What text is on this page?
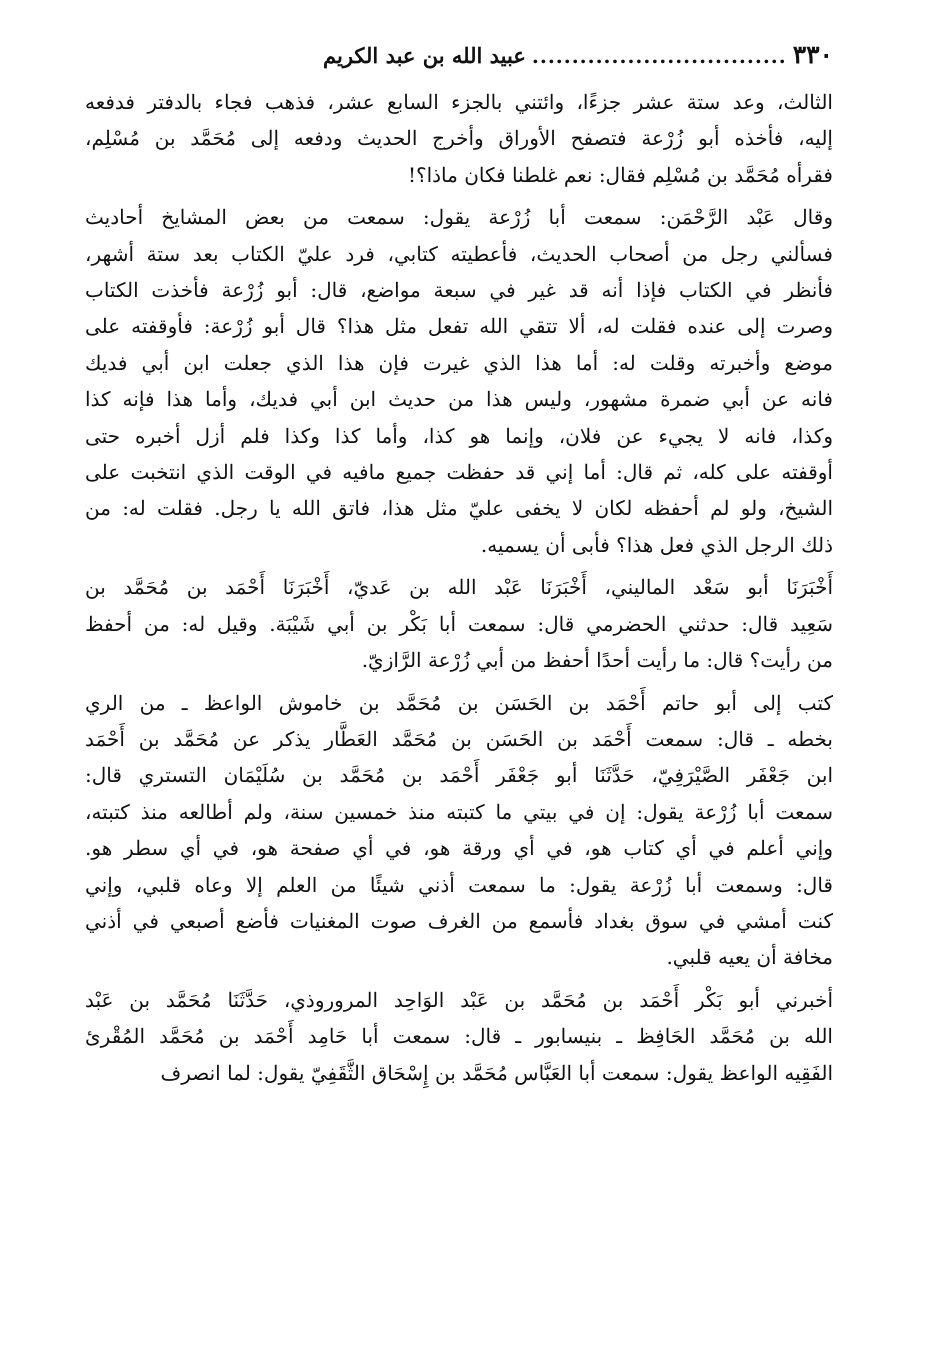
٣٣٠
................................
عبيد الله بن عبد الكريم

الثالث، وعد ستة عشر جزءًا، وائتني بالجزء السابع عشر، فذهب فجاء بالدفتر فدفعه
إليه، فأخذه أبو زُرْعة فتصفح الأوراق وأخرج الحديث ودفعه إلى مُحَمَّد بن مُسْلِم،
فقرأه مُحَمَّد بن مُسْلِم فقال: نعم غلطنا فكان ماذا؟!

وقال عَبْد الرَّحْمَن: سمعت أبا زُرْعة يقول: سمعت من بعض المشايخ أحاديث
فسألني رجل من أصحاب الحديث، فأعطيته كتابي، فرد عليّ الكتاب بعد ستة أشهر،
فأنظر في الكتاب فإذا أنه قد غير في سبعة مواضع، قال: أبو زُرْعة فأخذت الكتاب
وصرت إلى عنده فقلت له، ألا تتقي الله تفعل مثل هذا؟ قال أبو زُرْعة: فأوقفته على
موضع وأخبرته وقلت له: أما هذا الذي غيرت فإن هذا الذي جعلت ابن أبي فديك
فانه عن أبي ضمرة مشهور، وليس هذا من حديث ابن أبي فديك، وأما هذا فإنه كذا
وكذا، فانه لا يجيء عن فلان، وإنما هو كذا، وأما كذا وكذا فلم أزل أخبره حتى
أوقفته على كله، ثم قال: أما إني قد حفظت جميع مافيه في الوقت الذي انتخبت على
الشيخ، ولو لم أحفظه لكان لا يخفى عليّ مثل هذا، فاتق الله يا رجل. فقلت له: من
ذلك الرجل الذي فعل هذا؟ فأبى أن يسميه.

أَخْبَرَنَا أبو سَعْد الماليني، أَخْبَرَنَا عَبْد الله بن عَديّ، أَخْبَرَنَا أَحْمَد بن مُحَمَّد بن
سَعِيد قال: حدثني الحضرمي قال: سمعت أبا بَكْر بن أبي شَيْبَة. وقيل له: من أحفظ
من رأيت؟ قال: ما رأيت أحدًا أحفظ من أبي زُرْعة الرَّازيّ.

كتب إلى أبو حاتم أَحْمَد بن الحَسَن بن مُحَمَّد بن خاموش الواعظ ـ من الري
بخطه ـ قال: سمعت أَحْمَد بن الحَسَن بن مُحَمَّد العَطَّار يذكر عن مُحَمَّد بن أَحْمَد
ابن جَعْفَر الصَّيْرَفِيّ، حَدَّثَنَا أبو جَعْفَر أَحْمَد بن مُحَمَّد بن سُلَيْمَان التستري قال:
سمعت أبا زُرْعة يقول: إن في بيتي ما كتبته منذ خمسين سنة، ولم أطالعه منذ كتبته،
وإني أعلم في أي كتاب هو، في أي ورقة هو، في أي صفحة هو، في أي سطر هو.
قال: وسمعت أبا زُرْعة يقول: ما سمعت أذني شيئًا من العلم إلا وعاه قلبي، وإني
كنت أمشي في سوق بغداد فأسمع من الغرف صوت المغنيات فأضع أصبعي في أذني
مخافة أن يعيه قلبي.

أخبرني أبو بَكْر أَحْمَد بن مُحَمَّد بن عَبْد الوَاحِد المروروذي، حَدَّثَنَا مُحَمَّد بن عَبْد
الله بن مُحَمَّد الحَافِظ ـ بنيسابور ـ قال: سمعت أبا حَامِد أَحْمَد بن مُحَمَّد المُقْرئ
الفَقِيه الواعظ يقول: سمعت أبا العَبَّاس مُحَمَّد بن إِسْحَاق الثَّقَفِيّ يقول: لما انصرف
